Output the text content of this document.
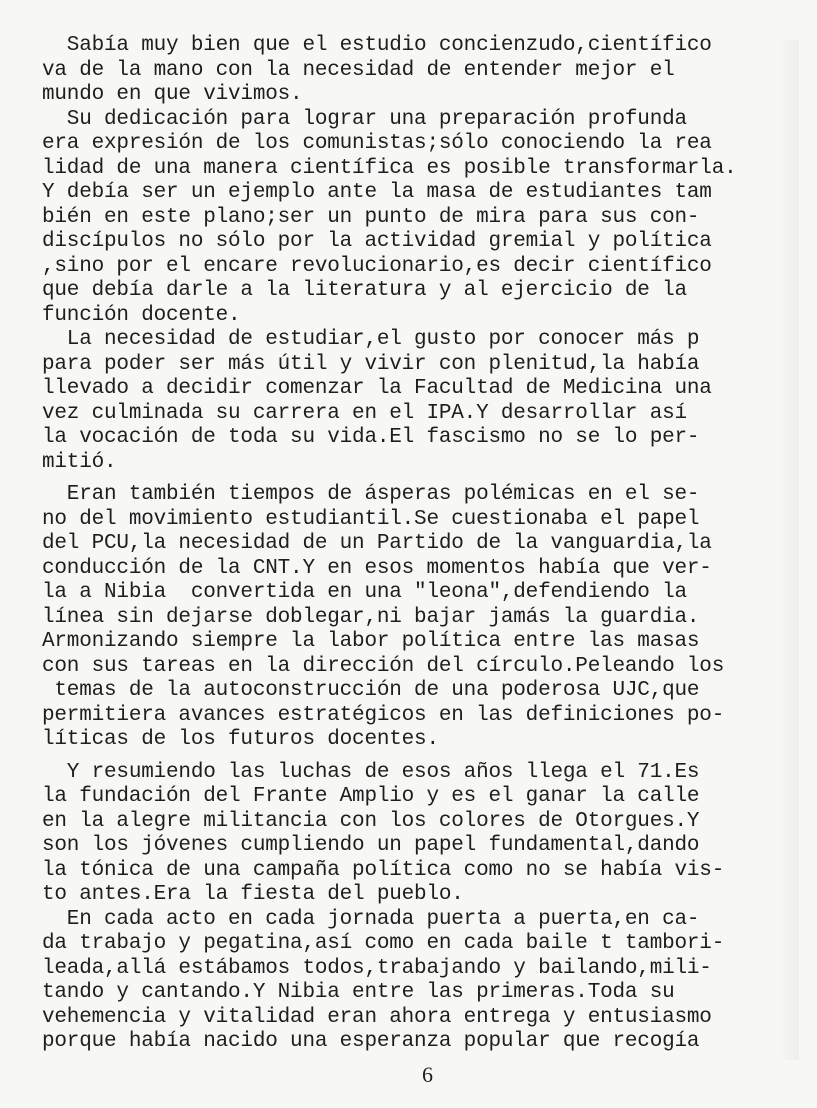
Sabía muy bien que el estudio concienzudo,científico
va de la mano con la necesidad de entender mejor el
mundo en que vivimos.
Su dedicación para lograr una preparación profunda
era expresión de los comunistas;sólo conociendo la rea
lidad de una manera científica es posible transformarla.
Y debía ser un ejemplo ante la masa de estudiantes tam
bién en este plano;ser un punto de mira para sus con-
discípulos no sólo por la actividad gremial y política
,sino por el encare revolucionario,es decir científico
que debía darle a la literatura y al ejercicio de la
función docente.
La necesidad de estudiar,el gusto por conocer más p
para poder ser más útil y vivir con plenitud,la había
llevado a decidir comenzar la Facultad de Medicina una
vez culminada su carrera en el IPA.Y desarrollar así
la vocación de toda su vida.El fascismo no se lo per-
mitió.
Eran también tiempos de ásperas polémicas en el se-
no del movimiento estudiantil.Se cuestionaba el papel
del PCU,la necesidad de un Partido de la vanguardia,la
conducción de la CNT.Y en esos momentos había que ver-
la a Nibia  convertida en una "leona",defendiendo la
línea sin dejarse doblegar,ni bajar jamás la guardia.
Armonizando siempre la labor política entre las masas
con sus tareas en la dirección del círculo.Peleando los
temas de la autoconstrucción de una poderosa UJC,que
permitiera avances estratégicos en las definiciones po-
líticas de los futuros docentes.
Y resumiendo las luchas de esos años llega el 71.Es
la fundación del Frante Amplio y es el ganar la calle
en la alegre militancia con los colores de Otorgues.Y
son los jóvenes cumpliendo un papel fundamental,dando
la tónica de una campaña política como no se había vis-
to antes.Era la fiesta del pueblo.
En cada acto en cada jornada puerta a puerta,en ca-
da trabajo y pegatina,así como en cada baile t tambori-
leada,allá estábamos todos,trabajando y bailando,mili-
tando y cantando.Y Nibia entre las primeras.Toda su
vehemencia y vitalidad eran ahora entrega y entusiasmo
porque había nacido una esperanza popular que recogía
6
